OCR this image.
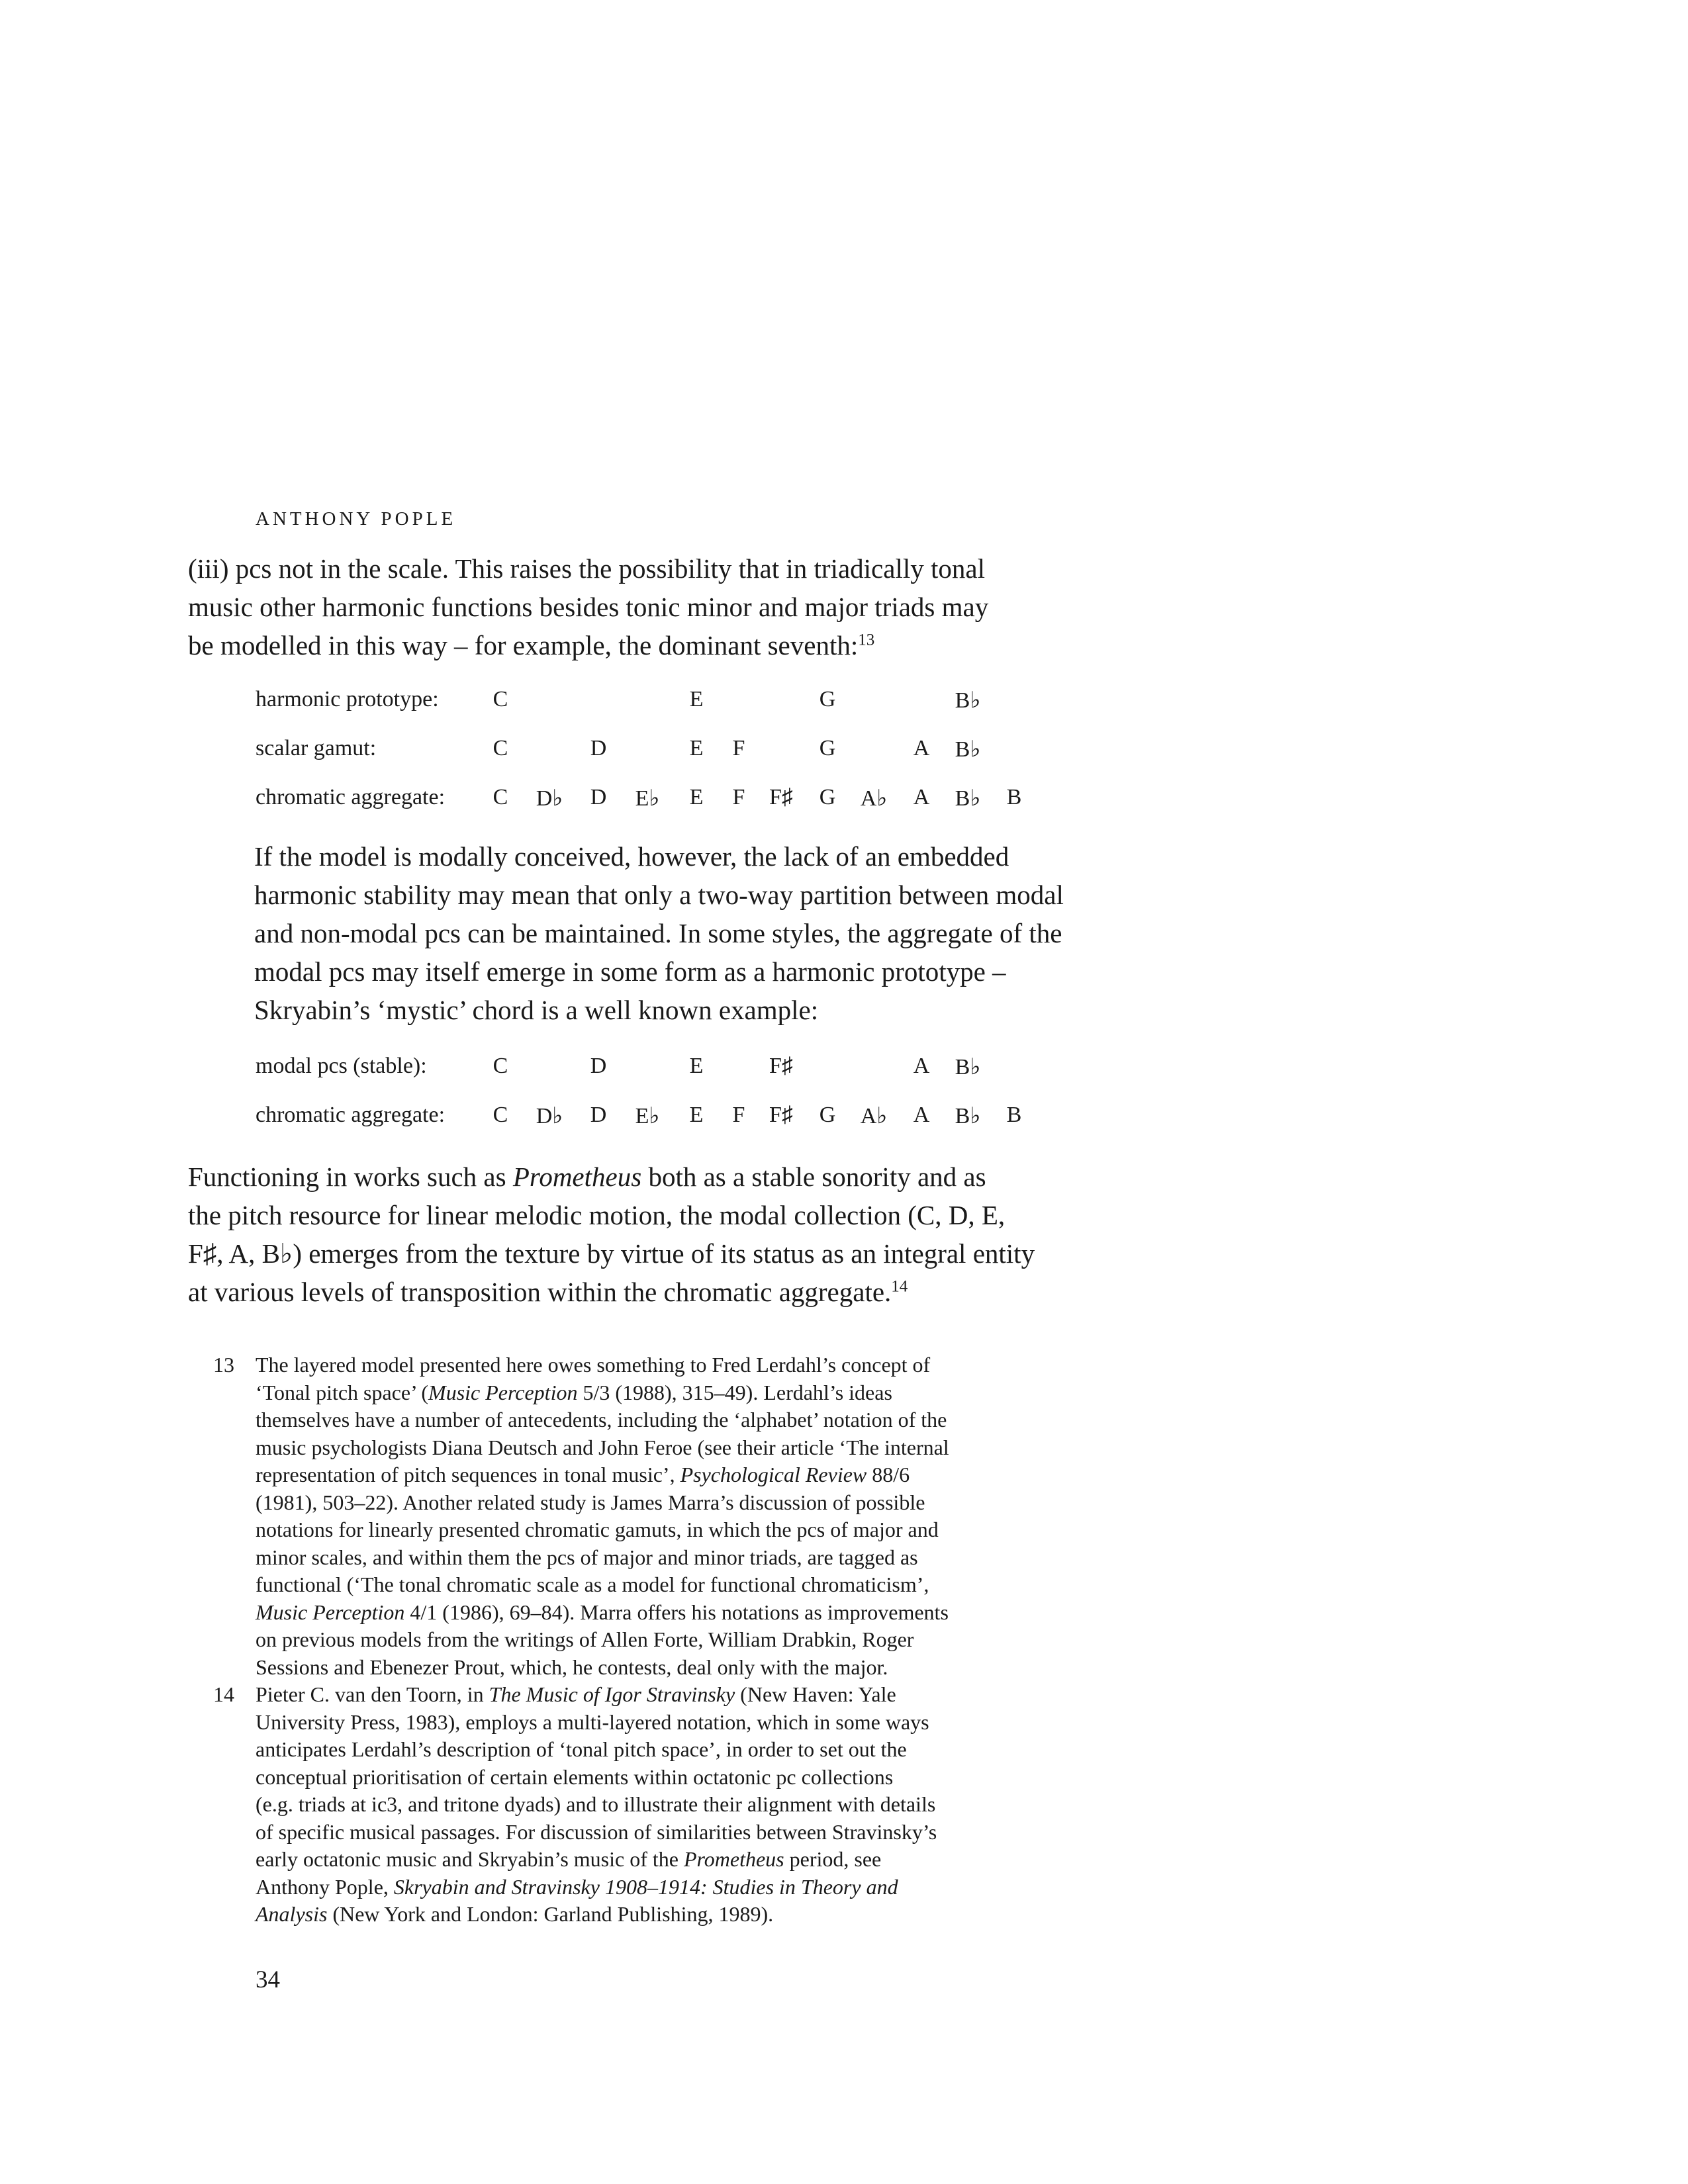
ANTHONY POPLE

(iii) pcs not in the scale. This raises the possibility that in triadically tonal
music other harmonic functions besides tonic minor and major triads may
be modelled in this way – for example, the dominant seventh:$^{13}$

harmonic prototype: C	E	G	B♭
scalar gamut:	C	D	E F	G	A B♭
chromatic aggregate: C D♭ D E♭ E F F♯ G A♭ A B♭ B

If the model is modally conceived, however, the lack of an embedded
harmonic stability may mean that only a two-way partition between modal
and non-modal pcs can be maintained. In some styles, the aggregate of the
modal pcs may itself emerge in some form as a harmonic prototype –
Skryabin’s ‘mystic’ chord is a well known example:

modal pcs (stable):	C	D	E	F♯	A B♭
chromatic aggregate: C D♭ D E♭ E F F♯ G A♭ A B♭ B

Functioning in works such as Prometheus both as a stable sonority and as
the pitch resource for linear melodic motion, the modal collection (C, D, E,
F♯, A, B♭) emerges from the texture by virtue of its status as an integral entity
at various levels of transposition within the chromatic aggregate.$^{14}$

13 The layered model presented here owes something to Fred Lerdahl’s concept of
‘Tonal pitch space’ (Music Perception 5/3 (1988), 315–49). Lerdahl’s ideas
themselves have a number of antecedents, including the ‘alphabet’ notation of the
music psychologists Diana Deutsch and John Feroe (see their article ‘The internal
representation of pitch sequences in tonal music’, Psychological Review 88/6
(1981), 503–22). Another related study is James Marra’s discussion of possible
notations for linearly presented chromatic gamuts, in which the pcs of major and
minor scales, and within them the pcs of major and minor triads, are tagged as
functional (‘The tonal chromatic scale as a model for functional chromaticism’,
Music Perception 4/1 (1986), 69–84). Marra offers his notations as improvements
on previous models from the writings of Allen Forte, William Drabkin, Roger
Sessions and Ebenezer Prout, which, he contests, deal only with the major.
14 Pieter C. van den Toorn, in The Music of Igor Stravinsky (New Haven: Yale
University Press, 1983), employs a multi-layered notation, which in some ways
anticipates Lerdahl’s description of ‘tonal pitch space’, in order to set out the
conceptual prioritisation of certain elements within octatonic pc collections
(e.g. triads at ic3, and tritone dyads) and to illustrate their alignment with details
of specific musical passages. For discussion of similarities between Stravinsky’s
early octatonic music and Skryabin’s music of the Prometheus period, see
Anthony Pople, Skryabin and Stravinsky 1908–1914: Studies in Theory and
Analysis (New York and London: Garland Publishing, 1989).
34
